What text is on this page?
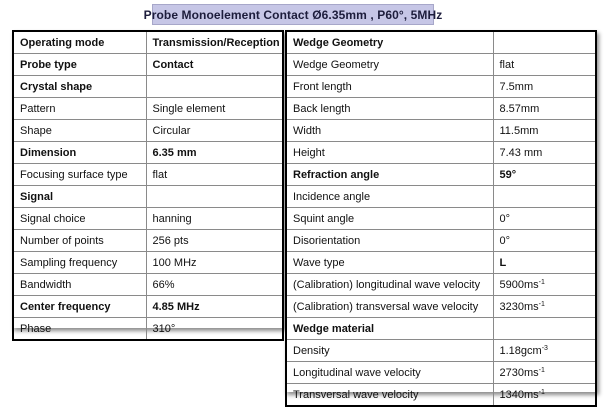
Probe Monoelement Contact Ø6.35mm , P60°, 5MHz
Operating mode	Transmission/Reception
Probe type	Contact
Crystal shape	
Pattern	Single element
Shape	Circular
Dimension	6.35 mm
Focusing surface type	flat
Signal	
Signal choice	hanning
Number of points	256 pts
Sampling frequency	100 MHz
Bandwidth	66%
Center frequency	4.85 MHz
Phase	310°
Wedge Geometry	
Wedge Geometry	flat
Front length	7.5mm
Back length	8.57mm
Width	11.5mm
Height	7.43 mm
Refraction angle	59°
Incidence angle	
Squint angle	0°
Disorientation	0°
Wave type	L
(Calibration) longitudinal wave velocity	$5900ms^{-1}$
(Calibration) transversal wave velocity	$3230ms^{-1}$
Wedge material	
Density	1.18gcm$^{-3}$
Longitudinal wave velocity	$2730ms^{-1}$
Transversal wave velocity	$1340ms^{-1}$
